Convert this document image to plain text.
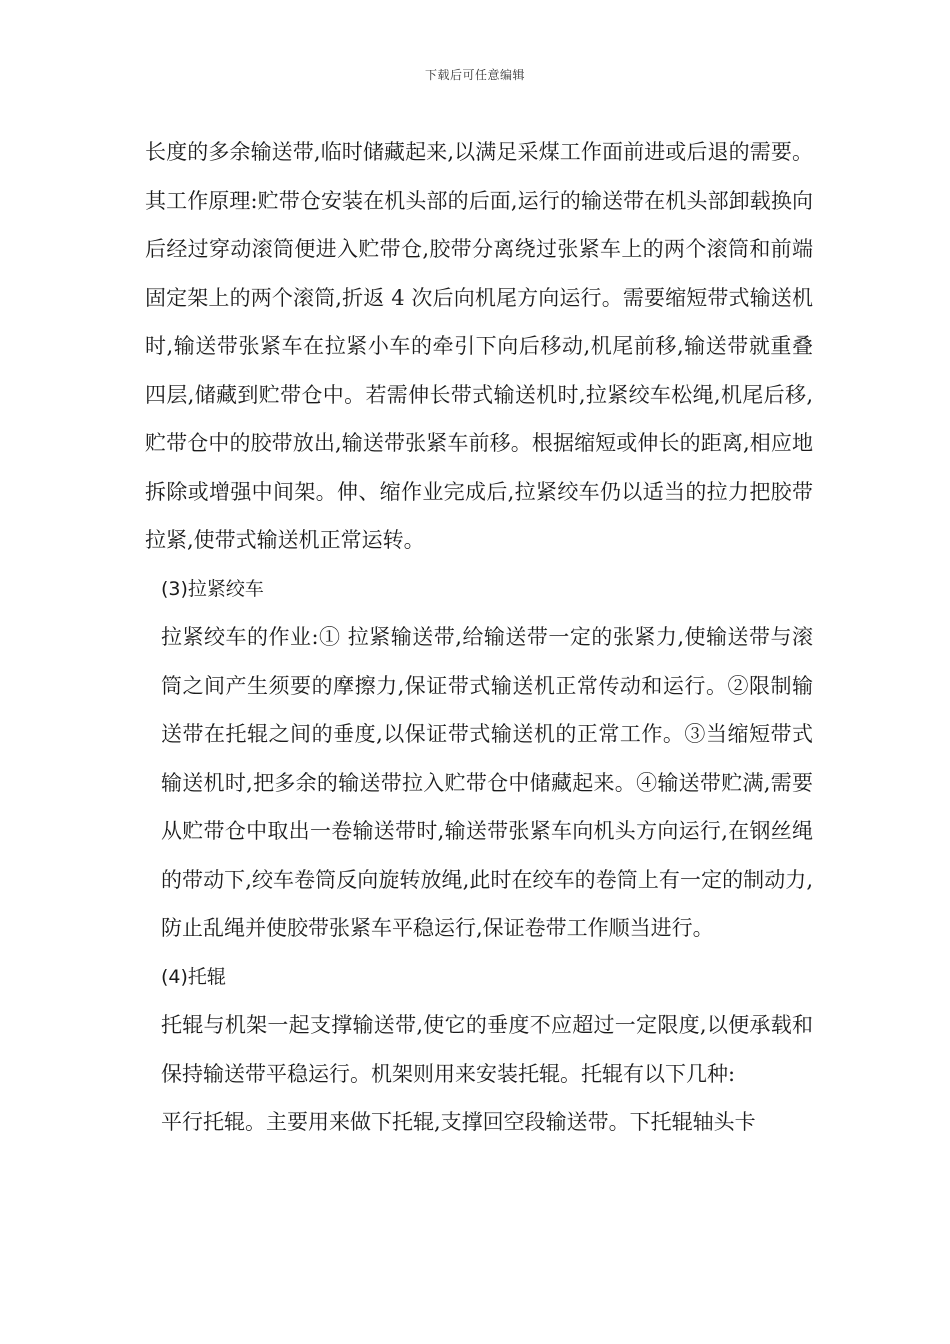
下载后可任意编辑

长度的多余输送带,临时储藏起来,以满足采煤工作面前进或后退的需要。其工作原理:贮带仓安装在机头部的后面,运行的输送带在机头部卸载换向后经过穿动滚筒便进入贮带仓,胶带分离绕过张紧车上的两个滚筒和前端固定架上的两个滚筒,折返 4 次后向机尾方向运行。需要缩短带式输送机时,输送带张紧车在拉紧小车的牵引下向后移动,机尾前移,输送带就重叠四层,储藏到贮带仓中。若需伸长带式输送机时,拉紧绞车松绳,机尾后移,贮带仓中的胶带放出,输送带张紧车前移。根据缩短或伸长的距离,相应地拆除或增强中间架。伸、缩作业完成后,拉紧绞车仍以适当的拉力把胶带拉紧,使带式输送机正常运转。

(3)拉紧绞车

拉紧绞车的作业:① 拉紧输送带,给输送带一定的张紧力,使输送带与滚筒之间产生须要的摩擦力,保证带式输送机正常传动和运行。②限制输送带在托辊之间的垂度,以保证带式输送机的正常工作。③当缩短带式输送机时,把多余的输送带拉入贮带仓中储藏起来。④输送带贮满,需要从贮带仓中取出一卷输送带时,输送带张紧车向机头方向运行,在钢丝绳的带动下,绞车卷筒反向旋转放绳,此时在绞车的卷筒上有一定的制动力,防止乱绳并使胶带张紧车平稳运行,保证卷带工作顺当进行。

(4)托辊

托辊与机架一起支撑输送带,使它的垂度不应超过一定限度,以便承载和保持输送带平稳运行。机架则用来安装托辊。托辊有以下几种:

平行托辊。主要用来做下托辊,支撑回空段输送带。下托辊轴头卡
